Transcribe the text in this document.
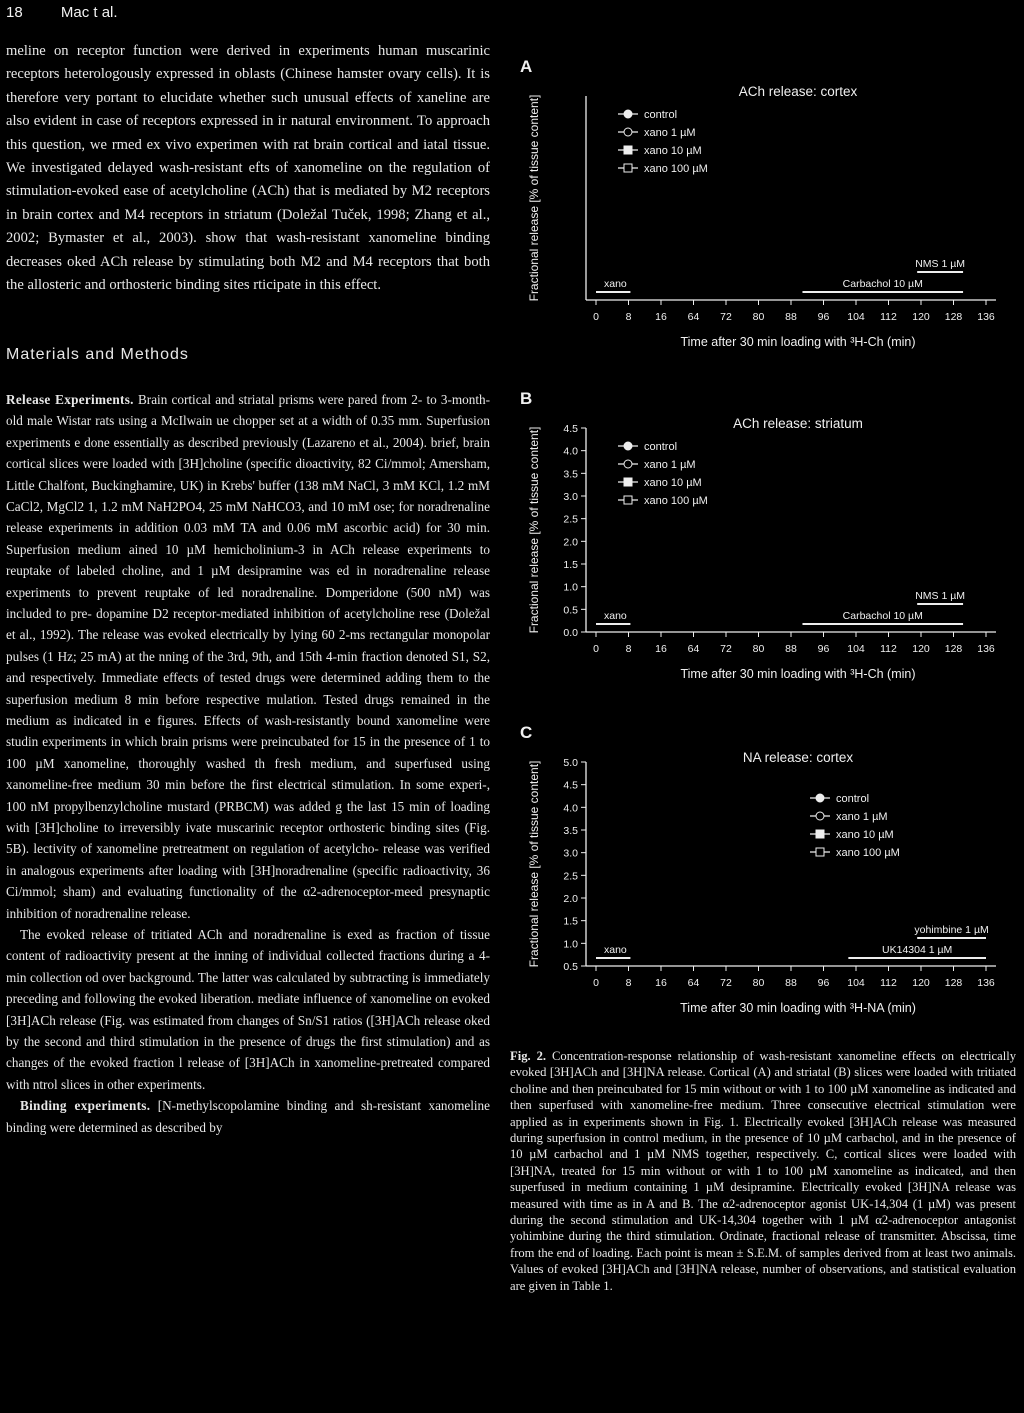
18	Mac t al.

meline on receptor function were derived in experiments human muscarinic receptors heterologously expressed in oblasts (Chinese hamster ovary cells). It is therefore very portant to elucidate whether such unusual effects of xaneline are also evident in case of receptors expressed in ir natural environment. To approach this question, we rmed ex vivo experimen with rat brain cortical and iatal tissue. We investigated delayed wash-resistant efts of xanomeline on the regulation of stimulation-evoked ease of acetylcholine (ACh) that is mediated by M2 receptors in brain cortex and M4 receptors in striatum (Doležal Tuček, 1998; Zhang et al., 2002; Bymaster et al., 2003). show that wash-resistant xanomeline binding decreases oked ACh release by stimulating both M2 and M4 receptors that both the allosteric and orthosteric binding sites rticipate in this effect.

Materials and Methods

Release Experiments. Brain cortical and striatal prisms were pared from 2- to 3-month-old male Wistar rats using a McIlwain ue chopper set at a width of 0.35 mm. Superfusion experiments e done essentially as described previously (Lazareno et al., 2004). brief, brain cortical slices were loaded with [3H]choline (specific dioactivity, 82 Ci/mmol; Amersham, Little Chalfont, Buckinghamire, UK) in Krebs' buffer (138 mM NaCl, 3 mM KCl, 1.2 mM CaCl2, MgCl2 1, 1.2 mM NaH2PO4, 25 mM NaHCO3, and 10 mM ose; for noradrenaline release experiments in addition 0.03 mM TA and 0.06 mM ascorbic acid) for 30 min. Superfusion medium ained 10 µM hemicholinium-3 in ACh release experiments to reuptake of labeled choline, and 1 µM desipramine was ed in noradrenaline release experiments to prevent reuptake of led noradrenaline. Domperidone (500 nM) was included to pre- dopamine D2 receptor-mediated inhibition of acetylcholine rese (Doležal et al., 1992). The release was evoked electrically by lying 60 2-ms rectangular monopolar pulses (1 Hz; 25 mA) at the nning of the 3rd, 9th, and 15th 4-min fraction denoted S1, S2, and respectively. Immediate effects of tested drugs were determined adding them to the superfusion medium 8 min before respective mulation. Tested drugs remained in the medium as indicated in e figures. Effects of wash-resistantly bound xanomeline were studin experiments in which brain prisms were preincubated for 15 in the presence of 1 to 100 µM xanomeline, thoroughly washed th fresh medium, and superfused using xanomeline-free medium 30 min before the first electrical stimulation. In some experi-, 100 nM propylbenzylcholine mustard (PRBCM) was added g the last 15 min of loading with [3H]choline to irreversibly ivate muscarinic receptor orthosteric binding sites (Fig. 5B). lectivity of xanomeline pretreatment on regulation of acetylcho- release was verified in analogous experiments after loading with [3H]noradrenaline (specific radioactivity, 36 Ci/mmol; sham) and evaluating functionality of the α2-adrenoceptor-meed presynaptic inhibition of noradrenaline release.

The evoked release of tritiated ACh and noradrenaline is exed as fraction of tissue content of radioactivity present at the inning of individual collected fractions during a 4-min collection od over background. The latter was calculated by subtracting is immediately preceding and following the evoked liberation. mediate influence of xanomeline on evoked [3H]ACh release (Fig. was estimated from changes of Sn/S1 ratios ([3H]ACh release oked by the second and third stimulation in the presence of drugs the first stimulation) and as changes of the evoked fraction l release of [3H]ACh in xanomeline-pretreated compared with ntrol slices in other experiments.

Binding experiments. [N-methylscopolamine binding and sh-resistant xanomeline binding were determined as described by

A
ACh release: cortex
Fractional release [% of tissue content]
0	8 16 64 72 80 88 96 104 112 120 128 136
Time after 30 min loading with ³H-Ch (min)
control
xano 1 µM
xano 10 µM
xano 100 µM
xano	Carbachol 10 µM
NMS 1 µM
B
ACh release: striatum
Fractional release [% of tissue content] 0.0
0.5
1.0
1.5
2.0
2.5
3.0
3.5
4.0
4.5
0	8 16 64 72 80 88 96 104 112 120 128 136
Time after 30 min loading with ³H-Ch (min)
control
xano 1 µM
xano 10 µM
xano 100 µM
xano	Carbachol 10 µM
NMS 1 µM
C
NA release: cortex
Fractional release [% of tissue content] 0.5
1.0
1.5
2.0
2.5
3.0
3.5
4.0
4.5
5.0
0	8 16 64 72 80 88 96 104 112 120 128 136
Time after 30 min loading with ³H-NA (min)
control
xano 1 µM
xano 10 µM
xano 100 µM
xano	UK14304 1 µM
yohimbine 1 µM
Fig. 2. Concentration-response relationship of wash-resistant xanomeline effects on electrically evoked [3H]ACh and [3H]NA release. Cortical (A) and striatal (B) slices were loaded with tritiated choline and then preincubated for 15 min without or with 1 to 100 µM xanomeline as indicated and then superfused with xanomeline-free medium. Three consecutive electrical stimulation were applied as in experiments shown in Fig. 1. Electrically evoked [3H]ACh release was measured during superfusion in control medium, in the presence of 10 µM carbachol, and in the presence of 10 µM carbachol and 1 µM NMS together, respectively. C, cortical slices were loaded with [3H]NA, treated for 15 min without or with 1 to 100 µM xanomeline as indicated, and then superfused in medium containing 1 µM desipramine. Electrically evoked [3H]NA release was measured with time as in A and B. The α2-adrenoceptor agonist UK-14,304 (1 µM) was present during the second stimulation and UK-14,304 together with 1 µM α2-adrenoceptor antagonist yohimbine during the third stimulation. Ordinate, fractional release of transmitter. Abscissa, time from the end of loading. Each point is mean ± S.E.M. of samples derived from at least two animals. Values of evoked [3H]ACh and [3H]NA release, number of observations, and statistical evaluation are given in Table 1.
